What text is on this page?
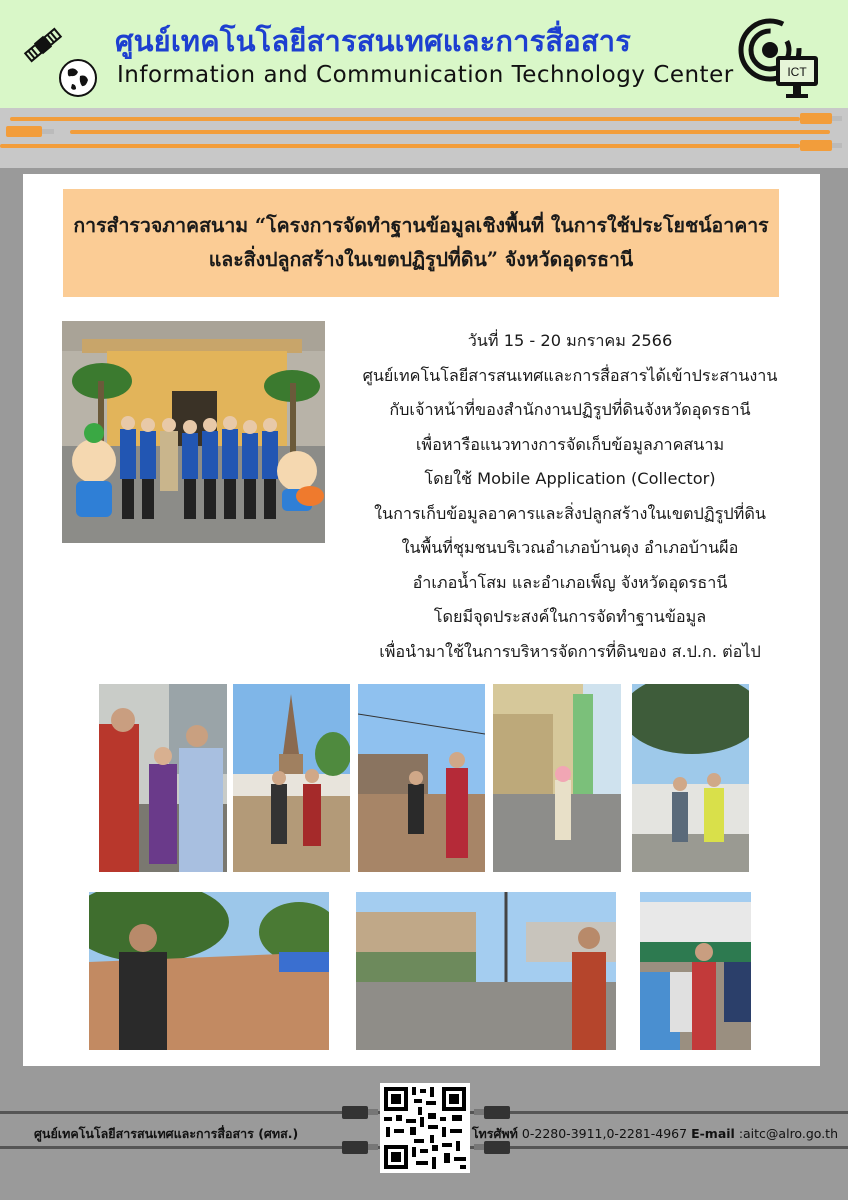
ศูนย์เทคโนโลยีสารสนเทศและการสื่อสาร
Information and Communication Technology Center	ICT

การสำรวจภาคสนาม “โครงการจัดทำฐานข้อมูลเชิงพื้นที่ ในการใช้ประโยชน์อาคาร

และสิ่งปลูกสร้างในเขตปฏิรูปที่ดิน” จังหวัดอุดรธานี

วันที่ 15 - 20 มกราคม 2566

ศูนย์เทคโนโลยีสารสนเทศและการสื่อสารได้เข้าประสานงาน

กับเจ้าหน้าที่ของสำนักงานปฏิรูปที่ดินจังหวัดอุดรธานี

เพื่อหารือแนวทางการจัดเก็บข้อมูลภาคสนาม

โดยใช้ Mobile Application (Collector)

ในการเก็บข้อมูลอาคารและสิ่งปลูกสร้างในเขตปฏิรูปที่ดิน

ในพื้นที่ชุมชนบริเวณอำเภอบ้านดุง อำเภอบ้านผือ

อำเภอน้ำโสม และอำเภอเพ็ญ จังหวัดอุดรธานี

โดยมีจุดประสงค์ในการจัดทำฐานข้อมูล

เพื่อนำมาใช้ในการบริหารจัดการที่ดินของ ส.ป.ก. ต่อไป

ศูนย์เทคโนโลยีสารสนเทศและการสื่อสาร (ศทส.)	โทรศัพท์ 0-2280-3911,0-2281-4967 E-mail :aitc@alro.go.th
